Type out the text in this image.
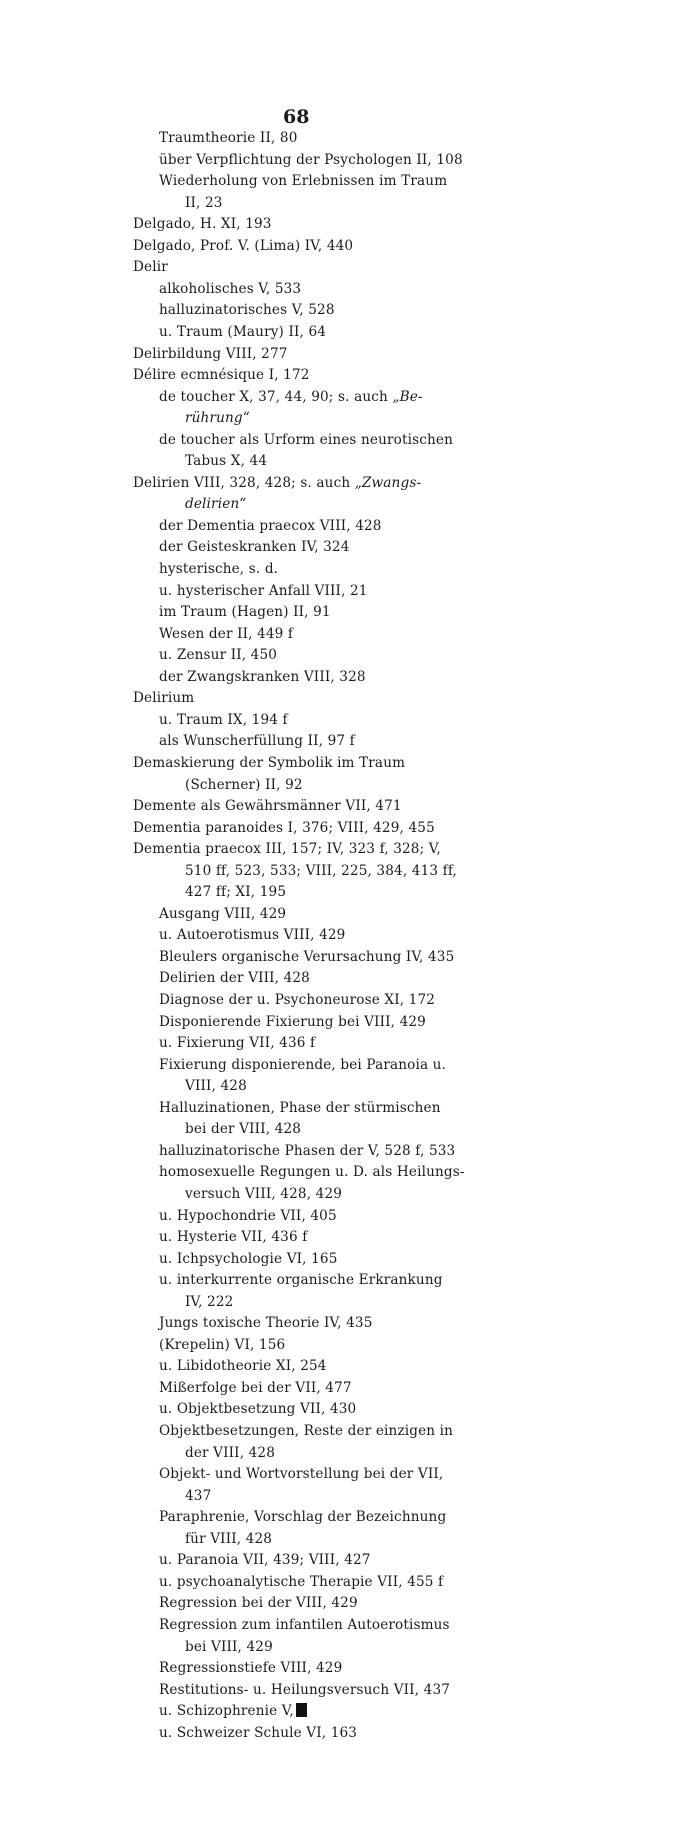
68
Traumtheorie II, 80
über Verpflichtung der Psychologen II, 108
Wiederholung von Erlebnissen im Traum
II, 23
Delgado, H. XI, 193
Delgado, Prof. V. (Lima) IV, 440
Delir
alkoholisches V, 533
halluzinatorisches V, 528
u. Traum (Maury) II, 64
Delirbildung VIII, 277
Délire ecmnésique I, 172
de toucher X, 37, 44, 90; s. auch „Be-
rührung“
de toucher als Urform eines neurotischen
Tabus X, 44
Delirien VIII, 328, 428; s. auch „Zwangs-
delirien“
der Dementia praecox VIII, 428
der Geisteskranken IV, 324
hysterische, s. d.
u. hysterischer Anfall VIII, 21
im Traum (Hagen) II, 91
Wesen der II, 449 f
u. Zensur II, 450
der Zwangskranken VIII, 328
Delirium
u. Traum IX, 194 f
als Wunscherfüllung II, 97 f
Demaskierung der Symbolik im Traum
(Scherner) II, 92
Demente als Gewährsmänner VII, 471
Dementia paranoides I, 376; VIII, 429, 455
Dementia praecox III, 157; IV, 323 f, 328; V,
510 ff, 523, 533; VIII, 225, 384, 413 ff,
427 ff; XI, 195
Ausgang VIII, 429
u. Autoerotismus VIII, 429
Bleulers organische Verursachung IV, 435
Delirien der VIII, 428
Diagnose der u. Psychoneurose XI, 172
Disponierende Fixierung bei VIII, 429
u. Fixierung VII, 436 f
Fixierung disponierende, bei Paranoia u.
VIII, 428
Halluzinationen, Phase der stürmischen
bei der VIII, 428
halluzinatorische Phasen der V, 528 f, 533
homosexuelle Regungen u. D. als Heilungs-
versuch VIII, 428, 429
u. Hypochondrie VII, 405
u. Hysterie VII, 436 f
u. Ichpsychologie VI, 165
u. interkurrente organische Erkrankung
IV, 222
Jungs toxische Theorie IV, 435
(Krepelin) VI, 156
u. Libidotheorie XI, 254
Mißerfolge bei der VII, 477
u. Objektbesetzung VII, 430
Objektbesetzungen, Reste der einzigen in
der VIII, 428
Objekt- und Wortvorstellung bei der VII,
437
Paraphrenie, Vorschlag der Bezeichnung
für VIII, 428
u. Paranoia VII, 439; VIII, 427
u. psychoanalytische Therapie VII, 455 f
Regression bei der VIII, 429
Regression zum infantilen Autoerotismus
bei VIII, 429
Regressionstiefe VIII, 429
Restitutions- u. Heilungsversuch VII, 437
u. Schizophrenie V,
u. Schweizer Schule VI, 163
